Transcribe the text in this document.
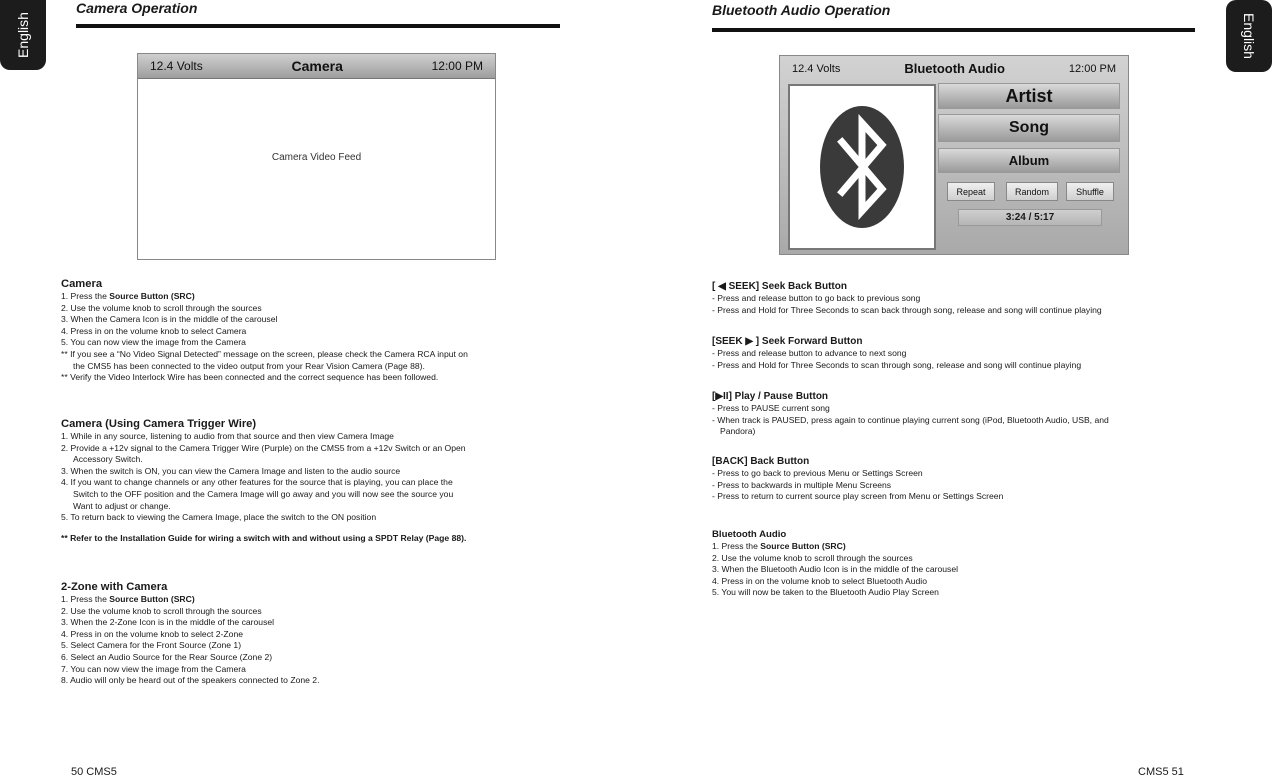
English
Owner's Manual
English
Owner's Manual
Camera Operation
12.4 Volts	Camera	12:00 PM
Camera Video Feed
Camera

1. Press the Source Button (SRC)

2. Use the volume knob to scroll through the sources

3. When the Camera Icon is in the middle of the carousel

4. Press in on the volume knob to select Camera

5. You can now view the image from the Camera

** If you see a “No Video Signal Detected” message on the screen, please check the Camera RCA input on

the CMS5 has been connected to the video output from your Rear Vision Camera (Page 88).

** Verify the Video Interlock Wire has been connected and the correct sequence has been followed.

Camera (Using Camera Trigger Wire)

1. While in any source, listening to audio from that source and then view Camera Image

2. Provide a +12v signal to the Camera Trigger Wire (Purple) on the CMS5 from a +12v Switch or an Open

Accessory Switch.

3. When the switch is ON, you can view the Camera Image and listen to the audio source

4. If you want to change channels or any other features for the source that is playing, you can place the

Switch to the OFF position and the Camera Image will go away and you will now see the source you

Want to adjust or change.

5. To return back to viewing the Camera Image, place the switch to the ON position

** Refer to the Installation Guide for wiring a switch with and without using a SPDT Relay (Page 88).

2-Zone with Camera

1. Press the Source Button (SRC)

2. Use the volume knob to scroll through the sources

3. When the 2-Zone Icon is in the middle of the carousel

4. Press in on the volume knob to select 2-Zone

5. Select Camera for the Front Source (Zone 1)

6. Select an Audio Source for the Rear Source (Zone 2)

7. You can now view the image from the Camera

8. Audio will only be heard out of the speakers connected to Zone 2.

50 CMS5
Bluetooth Audio Operation
12.4 Volts	Bluetooth Audio	12:00 PM
Artist
Song
Album
Repeat	Random	Shuffle
3:24 / 5:17
[ ◀ SEEK] Seek Back Button

- Press and release button to go back to previous song

- Press and Hold for Three Seconds to scan back through song, release and song will continue playing

[SEEK ▶ ] Seek Forward Button

- Press and release button to advance to next song

- Press and Hold for Three Seconds to scan through song, release and song will continue playing

[▶II] Play / Pause Button

- Press to PAUSE current song

- When track is PAUSED, press again to continue playing current song (iPod, Bluetooth Audio, USB, and

Pandora)

[BACK] Back Button

- Press to go back to previous Menu or Settings Screen

- Press to backwards in multiple Menu Screens

- Press to return to current source play screen from Menu or Settings Screen

Bluetooth Audio

1. Press the Source Button (SRC)

2. Use the volume knob to scroll through the sources

3. When the Bluetooth Audio Icon is in the middle of the carousel

4. Press in on the volume knob to select Bluetooth Audio

5. You will now be taken to the Bluetooth Audio Play Screen

CMS5 51
